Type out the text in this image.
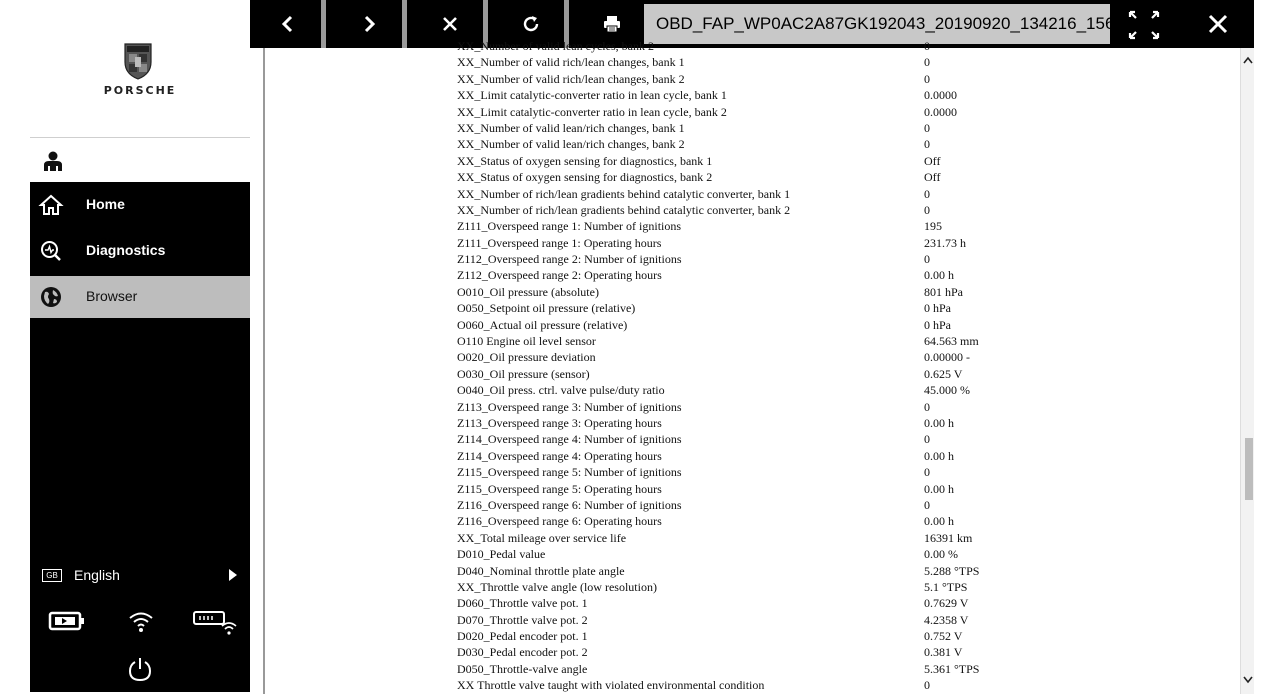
PORSCHE
Home
Diagnostics
Browser
GB	English
OBD_FAP_WP0AC2A87GK192043_20190920_134216_15690
XX_Number of valid lean cycles, bank 2	0
XX_Number of valid rich/lean changes, bank 1	0
XX_Number of valid rich/lean changes, bank 2	0
XX_Limit catalytic-converter ratio in lean cycle, bank 1	0.0000
XX_Limit catalytic-converter ratio in lean cycle, bank 2	0.0000
XX_Number of valid lean/rich changes, bank 1	0
XX_Number of valid lean/rich changes, bank 2	0
XX_Status of oxygen sensing for diagnostics, bank 1	Off
XX_Status of oxygen sensing for diagnostics, bank 2	Off
XX_Number of rich/lean gradients behind catalytic converter, bank 1	0
XX_Number of rich/lean gradients behind catalytic converter, bank 2	0
Z111_Overspeed range 1: Number of ignitions	195
Z111_Overspeed range 1: Operating hours	231.73 h
Z112_Overspeed range 2: Number of ignitions	0
Z112_Overspeed range 2: Operating hours	0.00 h
O010_Oil pressure (absolute)	801 hPa
O050_Setpoint oil pressure (relative)	0 hPa
O060_Actual oil pressure (relative)	0 hPa
O110 Engine oil level sensor	64.563 mm
O020_Oil pressure deviation	0.00000 -
O030_Oil pressure (sensor)	0.625 V
O040_Oil press. ctrl. valve pulse/duty ratio	45.000 %
Z113_Overspeed range 3: Number of ignitions	0
Z113_Overspeed range 3: Operating hours	0.00 h
Z114_Overspeed range 4: Number of ignitions	0
Z114_Overspeed range 4: Operating hours	0.00 h
Z115_Overspeed range 5: Number of ignitions	0
Z115_Overspeed range 5: Operating hours	0.00 h
Z116_Overspeed range 6: Number of ignitions	0
Z116_Overspeed range 6: Operating hours	0.00 h
XX_Total mileage over service life	16391 km
D010_Pedal value	0.00 %
D040_Nominal throttle plate angle	5.288 °TPS
XX_Throttle valve angle (low resolution)	5.1 °TPS
D060_Throttle valve pot. 1	0.7629 V
D070_Throttle valve pot. 2	4.2358 V
D020_Pedal encoder pot. 1	0.752 V
D030_Pedal encoder pot. 2	0.381 V
D050_Throttle-valve angle	5.361 °TPS
XX Throttle valve taught with violated environmental condition	0
